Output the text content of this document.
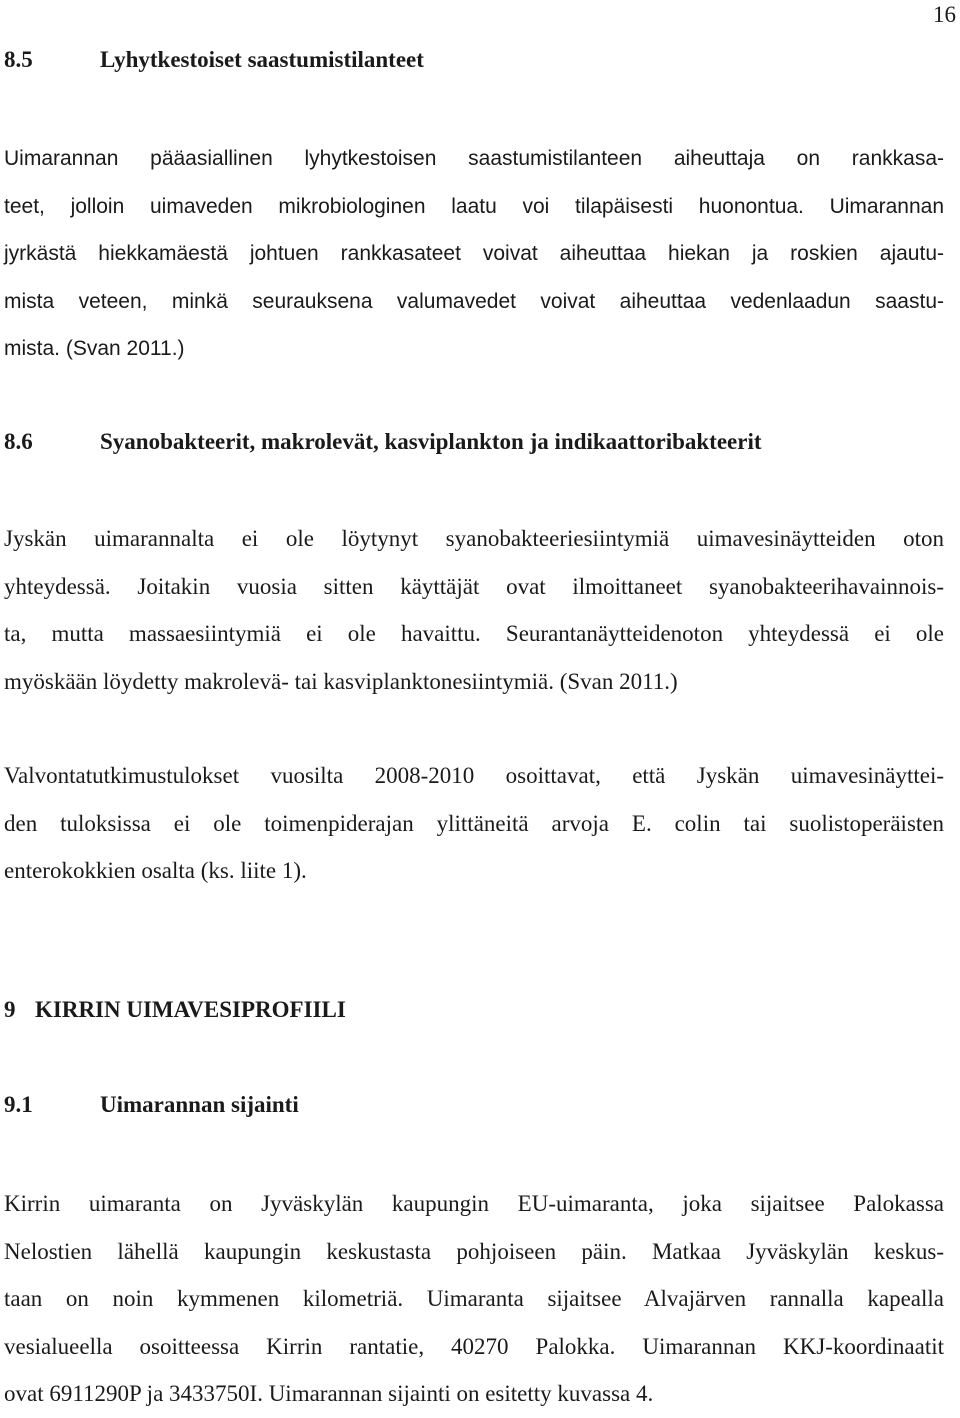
16
8.5	Lyhytkestoiset saastumistilanteet
Uimarannan pääasiallinen lyhytkestoisen saastumistilanteen aiheuttaja on rankkasa-
teet, jolloin uimaveden mikrobiologinen laatu voi tilapäisesti huonontua. Uimarannan
jyrkästä hiekkamäestä johtuen rankkasateet voivat aiheuttaa hiekan ja roskien ajautu-
mista veteen, minkä seurauksena valumavedet voivat aiheuttaa vedenlaadun saastu-
mista. (Svan 2011.)
8.6	Syanobakteerit, makrolevät, kasviplankton ja indikaattoribakteerit
Jyskän uimarannalta ei ole löytynyt syanobakteeriesiintymiä uimavesinäytteiden oton
yhteydessä. Joitakin vuosia sitten käyttäjät ovat ilmoittaneet syanobakteerihavainnois-
ta, mutta massaesiintymiä ei ole havaittu. Seurantanäytteidenoton yhteydessä ei ole
myöskään löydetty makrolevä- tai kasviplanktonesiintymiä. (Svan 2011.)
Valvontatutkimustulokset vuosilta 2008-2010 osoittavat, että Jyskän uimavesinäyttei-
den tuloksissa ei ole toimenpiderajan ylittäneitä arvoja E. colin tai suolistoperäisten
enterokokkien osalta (ks. liite 1).
9 KIRRIN UIMAVESIPROFIILI
9.1	Uimarannan sijainti
Kirrin uimaranta on Jyväskylän kaupungin EU-uimaranta, joka sijaitsee Palokassa
Nelostien lähellä kaupungin keskustasta pohjoiseen päin. Matkaa Jyväskylän keskus-
taan on noin kymmenen kilometriä. Uimaranta sijaitsee Alvajärven rannalla kapealla
vesialueella osoitteessa Kirrin rantatie, 40270 Palokka. Uimarannan KKJ-koordinaatit
ovat 6911290P ja 3433750I. Uimarannan sijainti on esitetty kuvassa 4.
